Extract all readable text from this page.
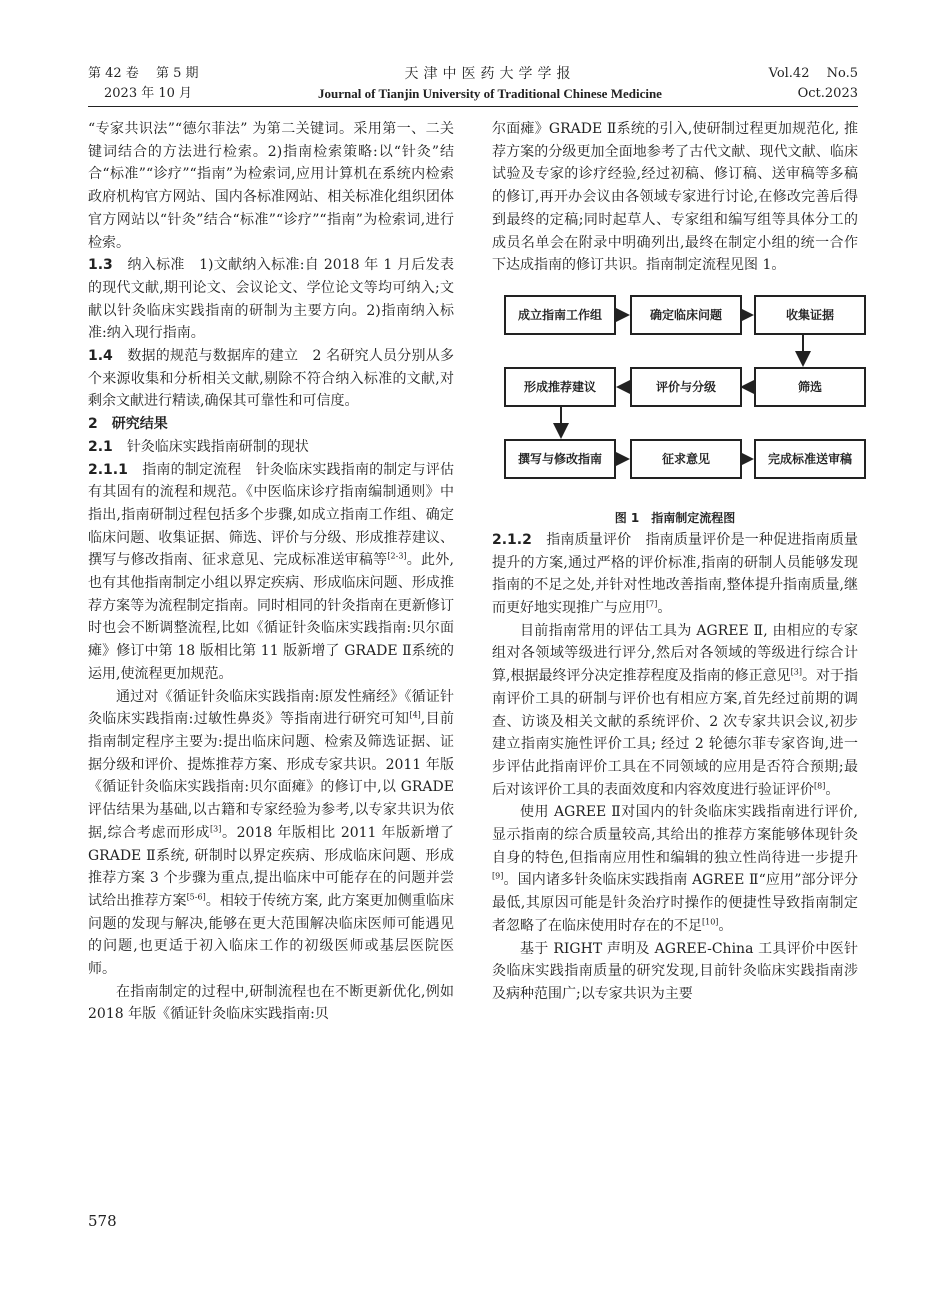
第 42 卷　 第 5 期
2023 年 10 月
天津中医药大学学报
Journal of Tianjin University of Traditional Chinese Medicine
Vol.42　 No.5
Oct.2023

“专家共识法”“德尔菲法” 为第二关键词。采用第一、二关键词结合的方法进行检索。2)指南检索策略:以“针灸”结合“标准”“诊疗”“指南”为检索词,应用计算机在系统内检索政府机构官方网站、国内各标准网站、相关标准化组织团体官方网站以“针灸”结合“标准”“诊疗”“指南”为检索词,进行检索。

1.3　 纳入标准　 1)文献纳入标准:自 2018 年 1 月后发表的现代文献,期刊论文、会议论文、学位论文等均可纳入;文献以针灸临床实践指南的研制为主要方向。2)指南纳入标准:纳入现行指南。

1.4　 数据的规范与数据库的建立　 2 名研究人员分别从多个来源收集和分析相关文献,剔除不符合纳入标准的文献,对剩余文献进行精读,确保其可靠性和可信度。

2　研究结果

2.1　 针灸临床实践指南研制的现状

2.1.1　 指南的制定流程　 针灸临床实践指南的制定与评估有其固有的流程和规范。《中医临床诊疗指南编制通则》中指出,指南研制过程包括多个步骤,如成立指南工作组、确定临床问题、收集证据、筛选、评价与分级、形成推荐建议、撰写与修改指南、征求意见、完成标准送审稿等[2-3]。此外,也有其他指南制定小组以界定疾病、形成临床问题、形成推荐方案等为流程制定指南。同时相同的针灸指南在更新修订时也会不断调整流程,比如《循证针灸临床实践指南:贝尔面瘫》修订中第 18 版相比第 11 版新增了 GRADE Ⅱ系统的运用,使流程更加规范。

通过对《循证针灸临床实践指南:原发性痛经》《循证针灸临床实践指南:过敏性鼻炎》等指南进行研究可知[4],目前指南制定程序主要为:提出临床问题、检索及筛选证据、证据分级和评价、提炼推荐方案、形成专家共识。2011 年版《循证针灸临床实践指南:贝尔面瘫》的修订中,以 GRADE 评估结果为基础,以古籍和专家经验为参考,以专家共识为依据,综合考虑而形成[3]。2018 年版相比 2011 年版新增了 GRADE Ⅱ系统, 研制时以界定疾病、形成临床问题、形成推荐方案 3 个步骤为重点,提出临床中可能存在的问题并尝试给出推荐方案[5-6]。相较于传统方案, 此方案更加侧重临床问题的发现与解决,能够在更大范围解决临床医师可能遇见的问题,也更适于初入临床工作的初级医师或基层医院医师。

在指南制定的过程中,研制流程也在不断更新优化,例如 2018 年版《循证针灸临床实践指南:贝

尔面瘫》GRADE Ⅱ系统的引入,使研制过程更加规范化, 推荐方案的分级更加全面地参考了古代文献、现代文献、临床试验及专家的诊疗经验,经过初稿、修订稿、送审稿等多稿的修订,再开办会议由各领域专家进行讨论,在修改完善后得到最终的定稿;同时起草人、专家组和编写组等具体分工的成员名单会在附录中明确列出,最终在制定小组的统一合作下达成指南的修订共识。指南制定流程见图 1。

成立指南工作组	确定临床问题	收集证据
形成推荐建议	评价与分级	筛选
撰写与修改指南	征求意见	完成标准送审稿

图 1　指南制定流程图

2.1.2　 指南质量评价　 指南质量评价是一种促进指南质量提升的方案,通过严格的评价标准,指南的研制人员能够发现指南的不足之处,并针对性地改善指南,整体提升指南质量,继而更好地实现推广与应用[7]。

目前指南常用的评估工具为 AGREE Ⅱ, 由相应的专家组对各领域等级进行评分,然后对各领域的等级进行综合计算,根据最终评分决定推荐程度及指南的修正意见[3]。对于指南评价工具的研制与评价也有相应方案,首先经过前期的调查、访谈及相关文献的系统评价、2 次专家共识会议,初步建立指南实施性评价工具; 经过 2 轮德尔菲专家咨询,进一步评估此指南评价工具在不同领域的应用是否符合预期;最后对该评价工具的表面效度和内容效度进行验证评价[8]。

使用 AGREE Ⅱ对国内的针灸临床实践指南进行评价,显示指南的综合质量较高,其给出的推荐方案能够体现针灸自身的特色,但指南应用性和编辑的独立性尚待进一步提升[9]。国内诸多针灸临床实践指南 AGREE Ⅱ“应用”部分评分最低,其原因可能是针灸治疗时操作的便捷性导致指南制定者忽略了在临床使用时存在的不足[10]。

基于 RIGHT 声明及 AGREE-China 工具评价中医针灸临床实践指南质量的研究发现,目前针灸临床实践指南涉及病种范围广;以专家共识为主要

578
